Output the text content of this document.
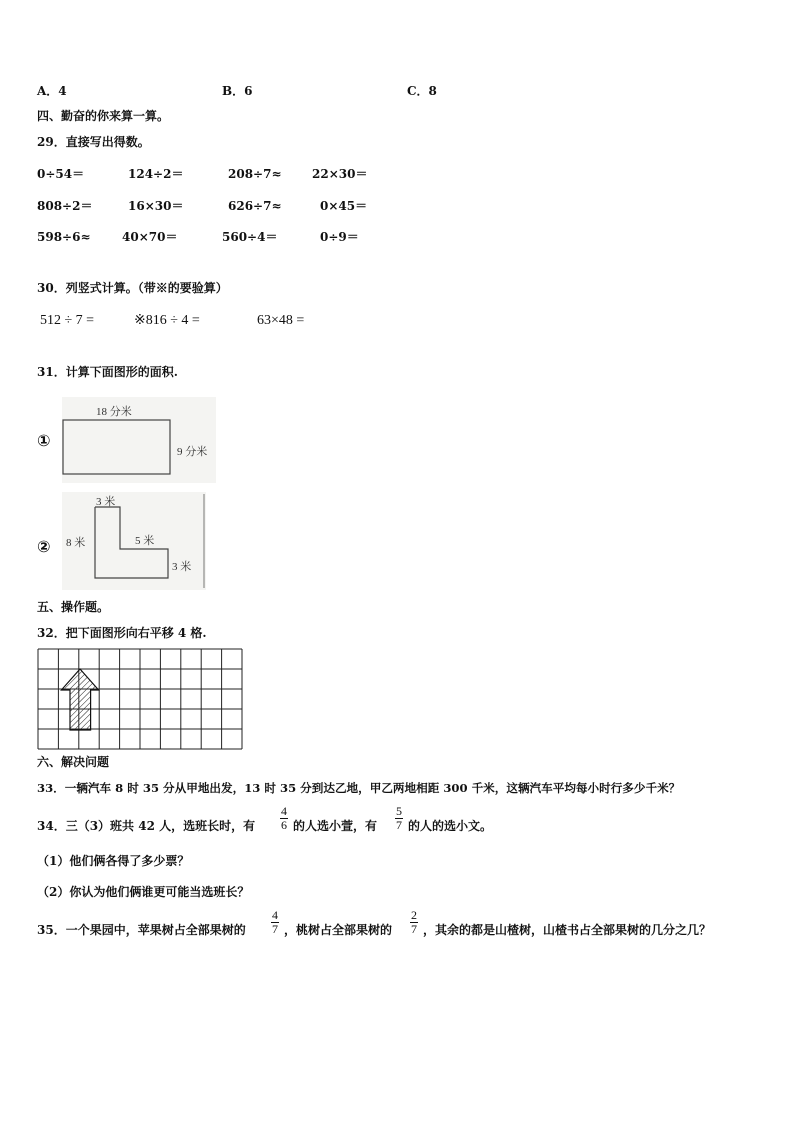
A．4	B．6	C．8
四、勤奋的你来算一算。
29．直接写出得数。
0÷54＝	124÷2＝	208÷7≈	22×30＝
808÷2＝	16×30＝	626÷7≈	0×45＝
598÷6≈	40×70＝	560÷4＝	0÷9＝
30．列竖式计算。（带※的要验算）
512 ÷ 7 =	※816 ÷ 4 =	63×48 =
31．计算下面图形的面积.
①
18 分米
9 分米
②
3 米
8 米	5 米
3 米
五、操作题。
32．把下面图形向右平移 4 格.
六、解决问题
33．一辆汽车 8 时 35 分从甲地出发，13 时 35 分到达乙地，甲乙两地相距 300 千米，这辆汽车平均每小时行多少千米？
34．三（3）班共 42 人，选班长时，有
4
6 的人选小萱，有
5
7 的人的选小文。
（1）他们俩各得了多少票？
（2）你认为他们俩谁更可能当选班长？
35．一个果园中，苹果树占全部果树的
4
7 ，桃树占全部果树的
2
7 ，其余的都是山楂树，山楂书占全部果树的几分之几？
